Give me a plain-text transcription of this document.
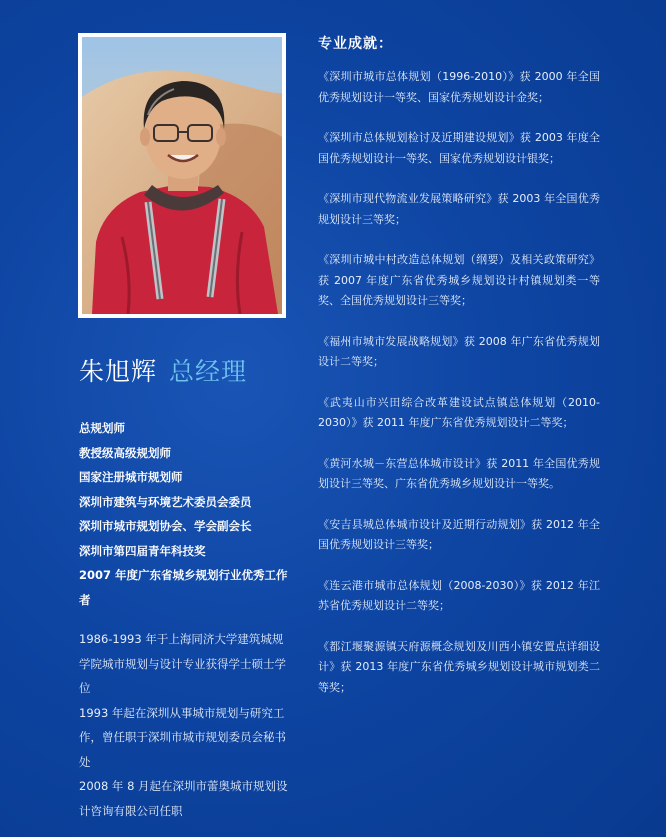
朱旭辉 总经理
总规划师
教授级高级规划师
国家注册城市规划师
深圳市建筑与环境艺术委员会委员
深圳市城市规划协会、学会副会长
深圳市第四届青年科技奖
2007 年度广东省城乡规划行业优秀工作者
1986-1993 年于上海同济大学建筑城规学院城市规划与设计专业获得学士硕士学位
1993 年起在深圳从事城市规划与研究工作，曾任职于深圳市城市规划委员会秘书处
2008 年 8 月起在深圳市蕾奥城市规划设计咨询有限公司任职
专业成就：

《深圳市城市总体规划（1996-2010）》获 2000 年全国优秀规划设计一等奖、国家优秀规划设计金奖；

《深圳市总体规划检讨及近期建设规划》获 2003 年度全国优秀规划设计一等奖、国家优秀规划设计银奖；

《深圳市现代物流业发展策略研究》获 2003 年全国优秀规划设计三等奖；

《深圳市城中村改造总体规划（纲要）及相关政策研究》获 2007 年度广东省优秀城乡规划设计村镇规划类一等奖、全国优秀规划设计三等奖；

《福州市城市发展战略规划》获 2008 年广东省优秀规划设计二等奖；

《武夷山市兴田综合改革建设试点镇总体规划（2010-2030）》获 2011 年度广东省优秀规划设计二等奖；

《黄河水城－东营总体城市设计》获 2011 年全国优秀规划设计三等奖、广东省优秀城乡规划设计一等奖。

《安吉县城总体城市设计及近期行动规划》获 2012 年全国优秀规划设计三等奖；

《连云港市城市总体规划（2008-2030）》获 2012 年江苏省优秀规划设计二等奖；

《都江堰聚源镇天府源概念规划及川西小镇安置点详细设计》获 2013 年度广东省优秀城乡规划设计城市规划类二等奖；
